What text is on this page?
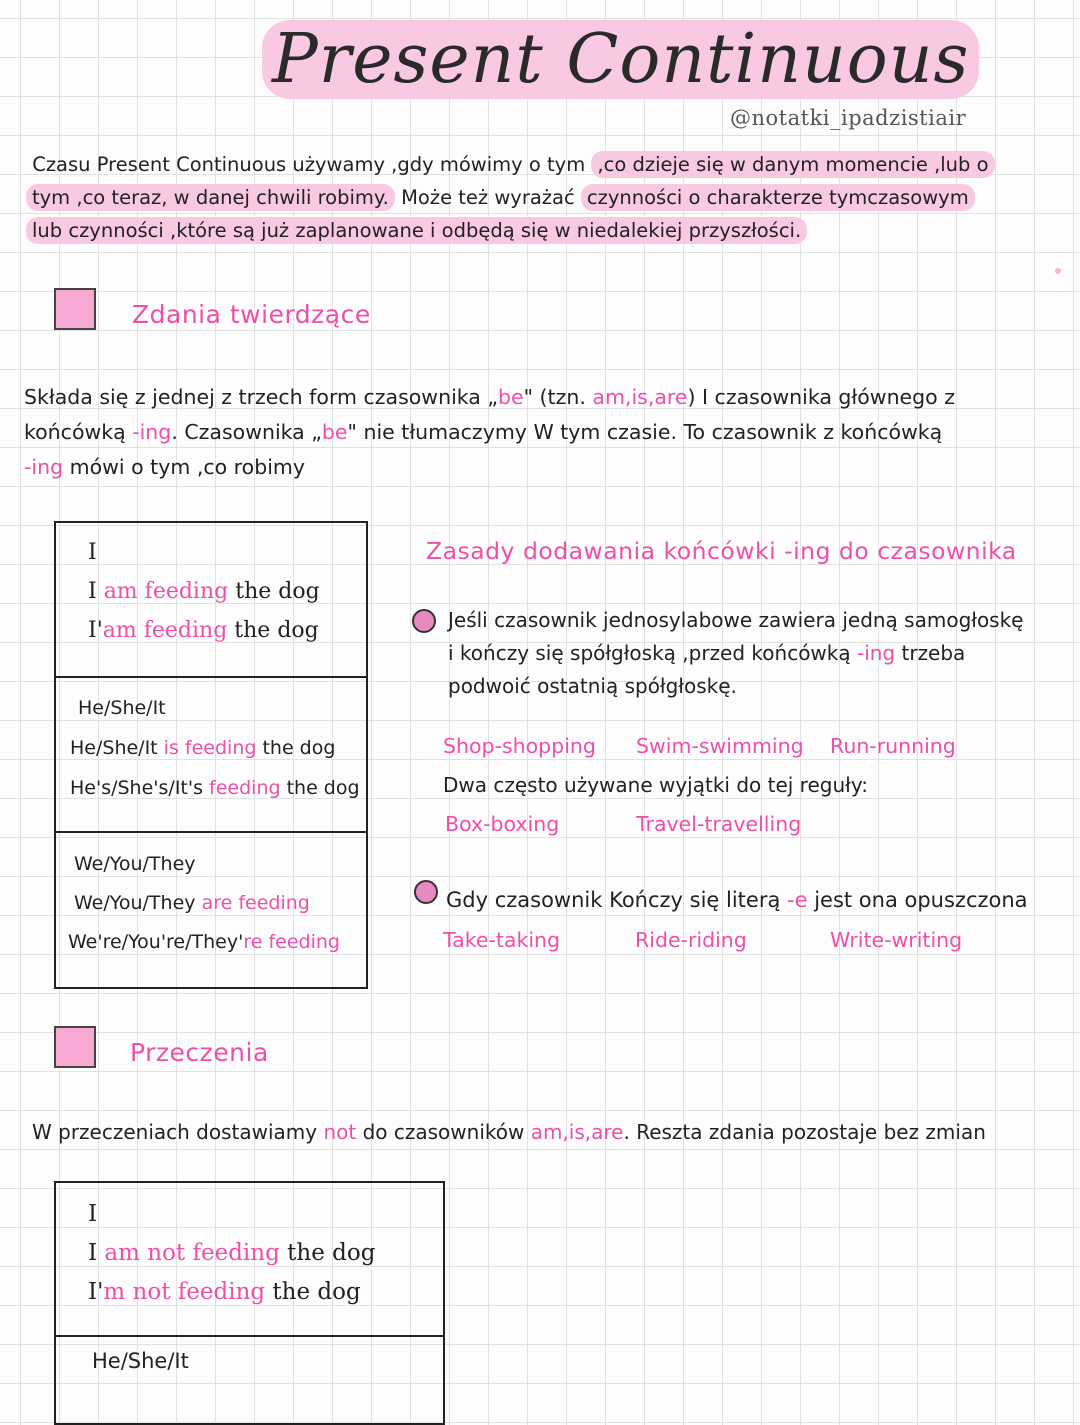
Present Continuous
@notatki_ipadzistiair
Czasu Present Continuous używamy ,gdy mówimy o tym ,co dzieje się w danym momencie ,lub o
tym ,co teraz, w danej chwili robimy. Może też wyrażać czynności o charakterze tymczasowym
lub czynności ,które są już zaplanowane i odbędą się w niedalekiej przyszłości.
Zdania twierdzące
Składa się z jednej z trzech form czasownika „be" (tzn. am,is,are) I czasownika głównego z
końcówką -ing. Czasownika „be" nie tłumaczymy W tym czasie. To czasownik z końcówką
-ing mówi o tym ,co robimy
I
I am feeding the dog
I'am feeding the dog
He/She/It
He/She/It is feeding the dog
He's/She's/It's feeding the dog
We/You/They
We/You/They are feeding
We're/You're/They're feeding
Zasady dodawania końcówki -ing do czasownika
Jeśli czasownik jednosylabowe zawiera jedną samogłoskę
i kończy się spółgłoską ,przed końcówką -ing trzeba
podwoić ostatnią spółgłoskę.
Shop-shopping Swim-swimming Run-running
Dwa często używane wyjątki do tej reguły:
Box-boxing	Travel-travelling
Gdy czasownik Kończy się literą -e jest ona opuszczona
Take-taking	Ride-riding	Write-writing
Przeczenia
W przeczeniach dostawiamy not do czasowników am,is,are. Reszta zdania pozostaje bez zmian
I
I am not feeding the dog
I'm not feeding the dog
He/She/It
